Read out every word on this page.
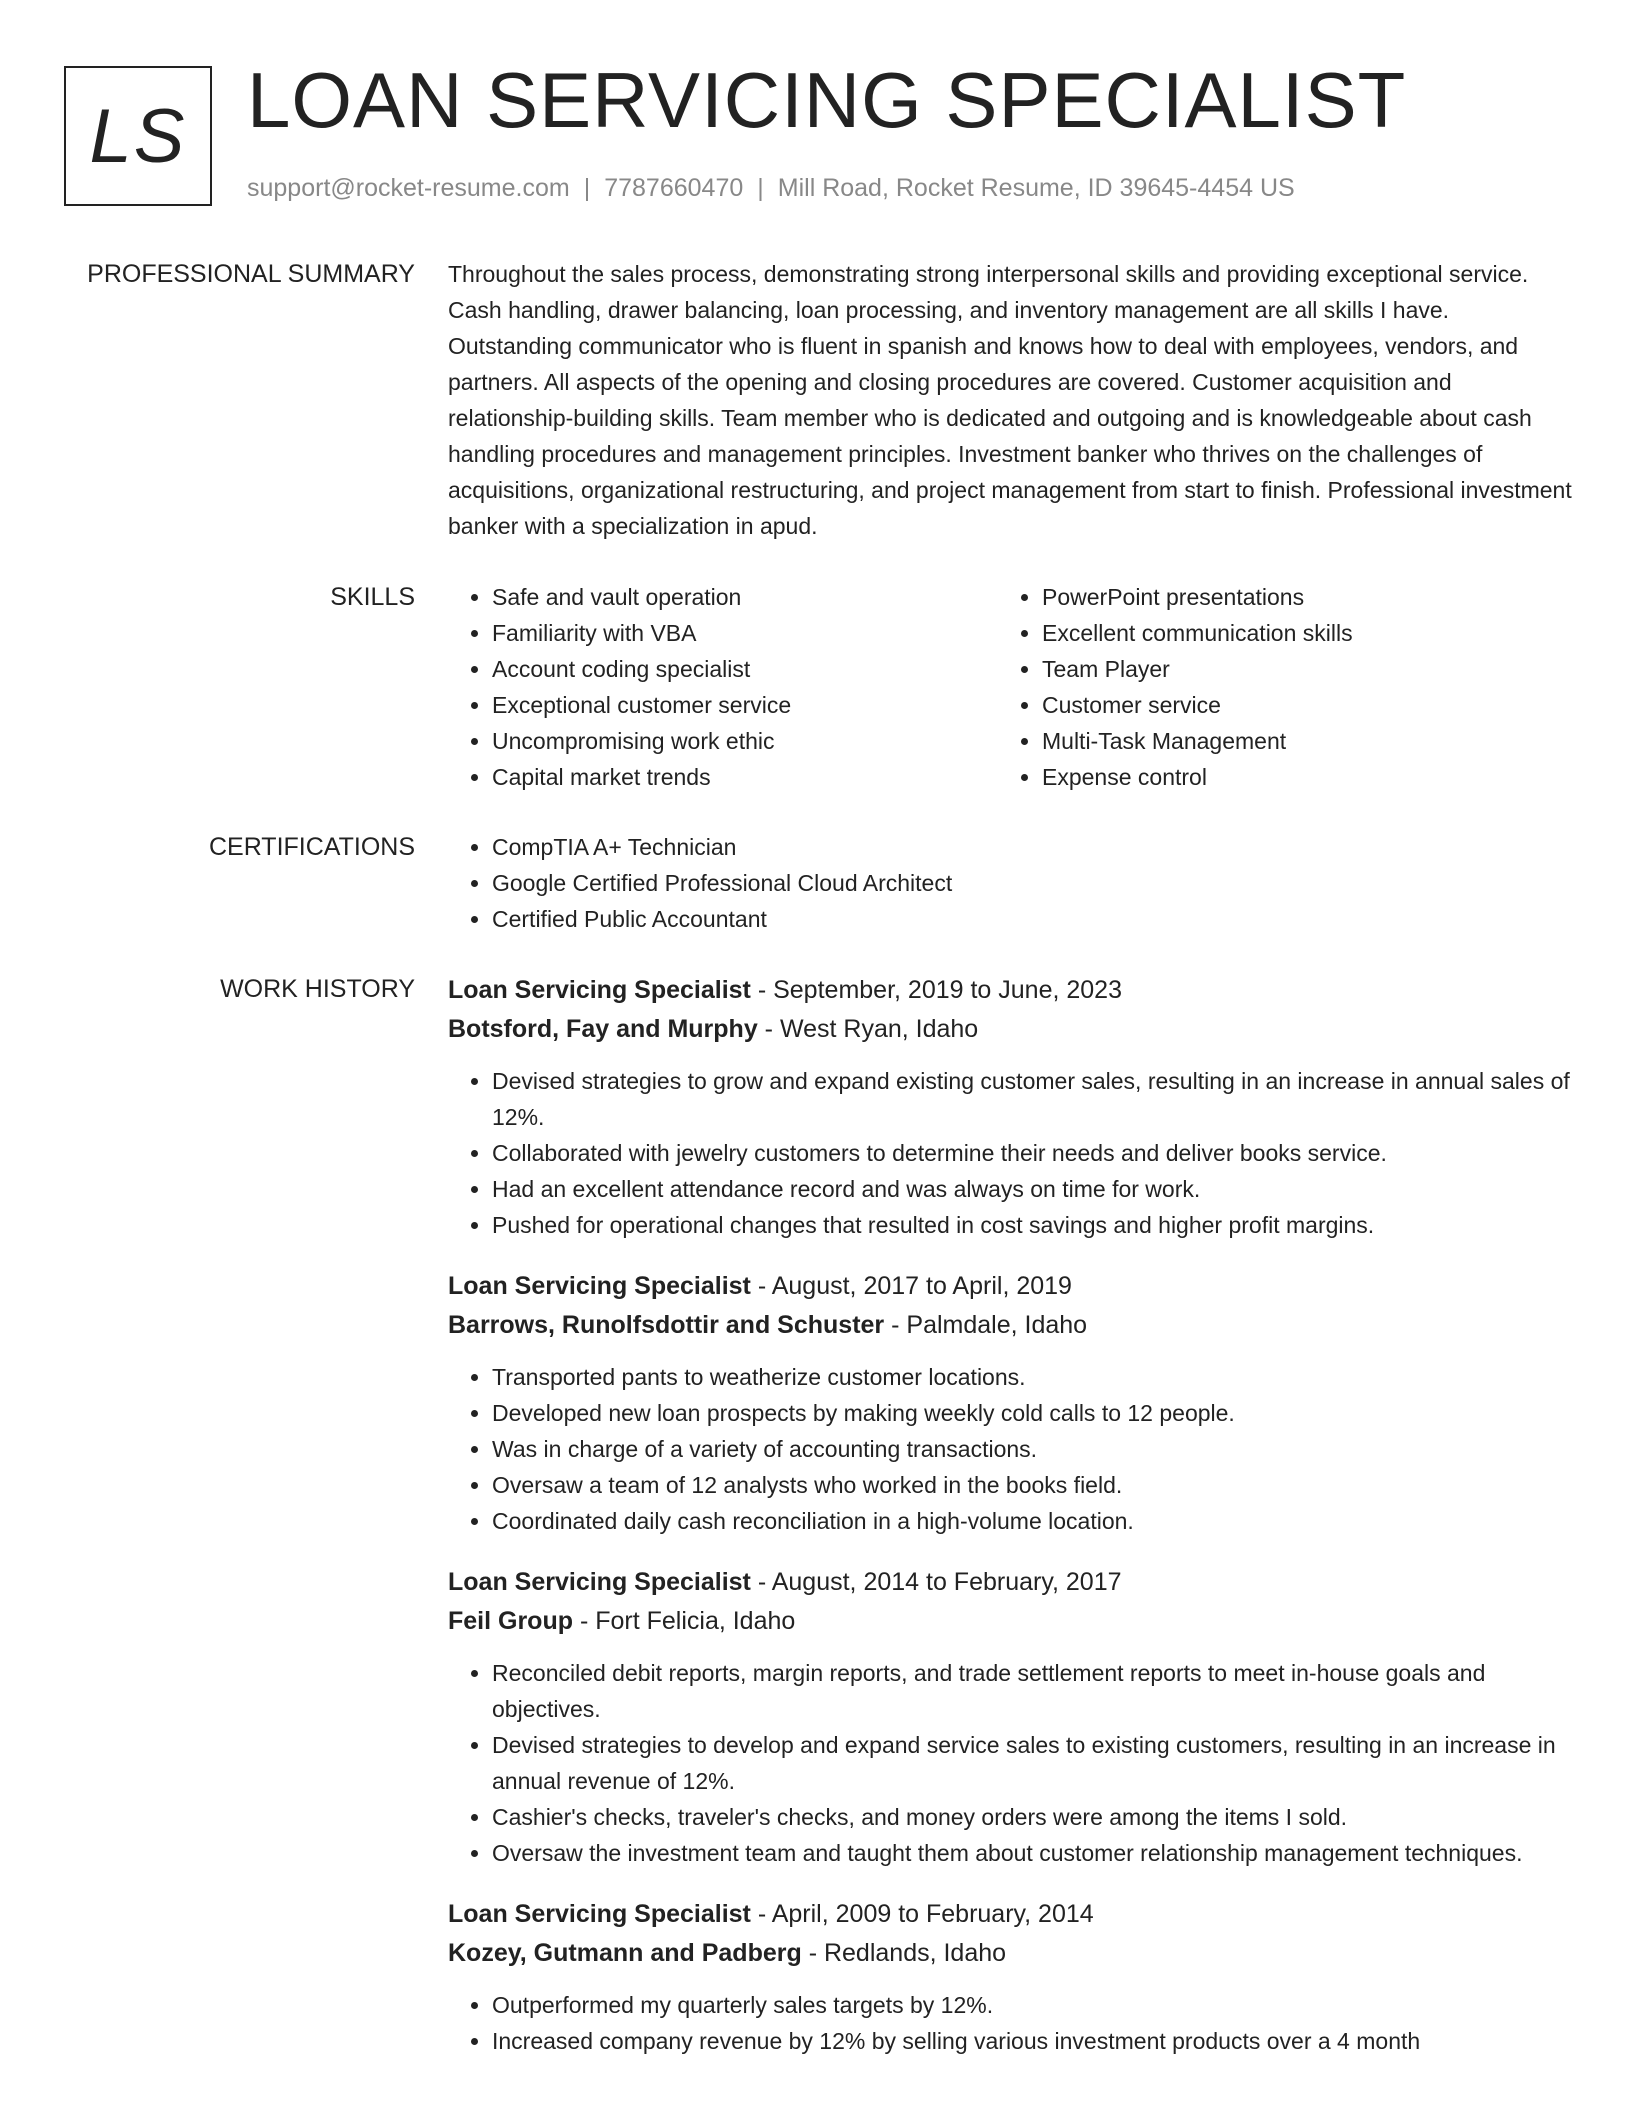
LS LOAN SERVICING SPECIALIST
support@rocket-resume.com | 7787660470 | Mill Road, Rocket Resume, ID 39645-4454 US
PROFESSIONAL SUMMARY Throughout the sales process, demonstrating strong interpersonal skills and providing exceptional service. Cash handling, drawer balancing, loan processing, and inventory management are all skills I have. Outstanding communicator who is fluent in spanish and knows how to deal with employees, vendors, and partners. All aspects of the opening and closing procedures are covered. Customer acquisition and relationship-building skills. Team member who is dedicated and outgoing and is knowledgeable about cash handling procedures and management principles. Investment banker who thrives on the challenges of acquisitions, organizational restructuring, and project management from start to finish. Professional investment banker with a specialization in apud.

SKILLS	• Safe and vault operation
• Familiarity with VBA
• Account coding specialist
• Exceptional customer service
• Uncompromising work ethic
• Capital market trends
• PowerPoint presentations
• Excellent communication skills
• Team Player
• Customer service
• Multi-Task Management
• Expense control
CERTIFICATIONS	• CompTIA A+ Technician
• Google Certified Professional Cloud Architect
• Certified Public Accountant
WORK HISTORY Loan Servicing Specialist - September, 2019 to June, 2023
Botsford, Fay and Murphy - West Ryan, Idaho
• Devised strategies to grow and expand existing customer sales, resulting in an increase in annual sales of 12%.
• Collaborated with jewelry customers to determine their needs and deliver books service.
• Had an excellent attendance record and was always on time for work.
• Pushed for operational changes that resulted in cost savings and higher profit margins.
Loan Servicing Specialist - August, 2017 to April, 2019
Barrows, Runolfsdottir and Schuster - Palmdale, Idaho
• Transported pants to weatherize customer locations.
• Developed new loan prospects by making weekly cold calls to 12 people.
• Was in charge of a variety of accounting transactions.
• Oversaw a team of 12 analysts who worked in the books field.
• Coordinated daily cash reconciliation in a high-volume location.
Loan Servicing Specialist - August, 2014 to February, 2017
Feil Group - Fort Felicia, Idaho
• Reconciled debit reports, margin reports, and trade settlement reports to meet in-house goals and objectives.
• Devised strategies to develop and expand service sales to existing customers, resulting in an increase in annual revenue of 12%.
• Cashier's checks, traveler's checks, and money orders were among the items I sold.
• Oversaw the investment team and taught them about customer relationship management techniques.
Loan Servicing Specialist - April, 2009 to February, 2014
Kozey, Gutmann and Padberg - Redlands, Idaho
• Outperformed my quarterly sales targets by 12%.
• Increased company revenue by 12% by selling various investment products over a 4 month
